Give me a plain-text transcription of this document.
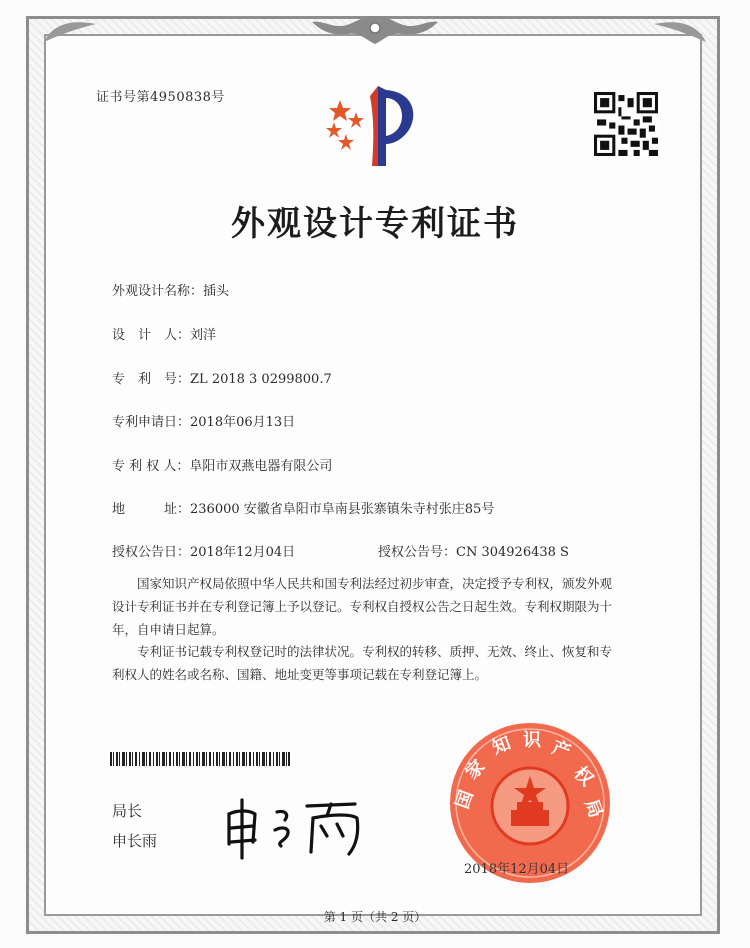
证书号第4950838号
外观设计专利证书
外观设计名称：插头
设　计　人：刘洋
专　利　号：ZL 2018 3 0299800.7
专利申请日：2018年06月13日
专 利 权 人：阜阳市双燕电器有限公司
地　　　址：236000 安徽省阜阳市阜南县张寨镇朱寺村张庄85号
授权公告日：2018年12月04日	授权公告号：CN 304926438 S
国家知识产权局依照中华人民共和国专利法经过初步审查，决定授予专利权，颁发外观
设计专利证书并在专利登记簿上予以登记。专利权自授权公告之日起生效。专利权期限为十
年，自申请日起算。
专利证书记载专利权登记时的法律状况。专利权的转移、质押、无效、终止、恢复和专
利权人的姓名或名称、国籍、地址变更等事项记载在专利登记簿上。
局长
申长雨
国
家
知 识 产
权
局
2018年12月04日
第 1 页（共 2 页）
